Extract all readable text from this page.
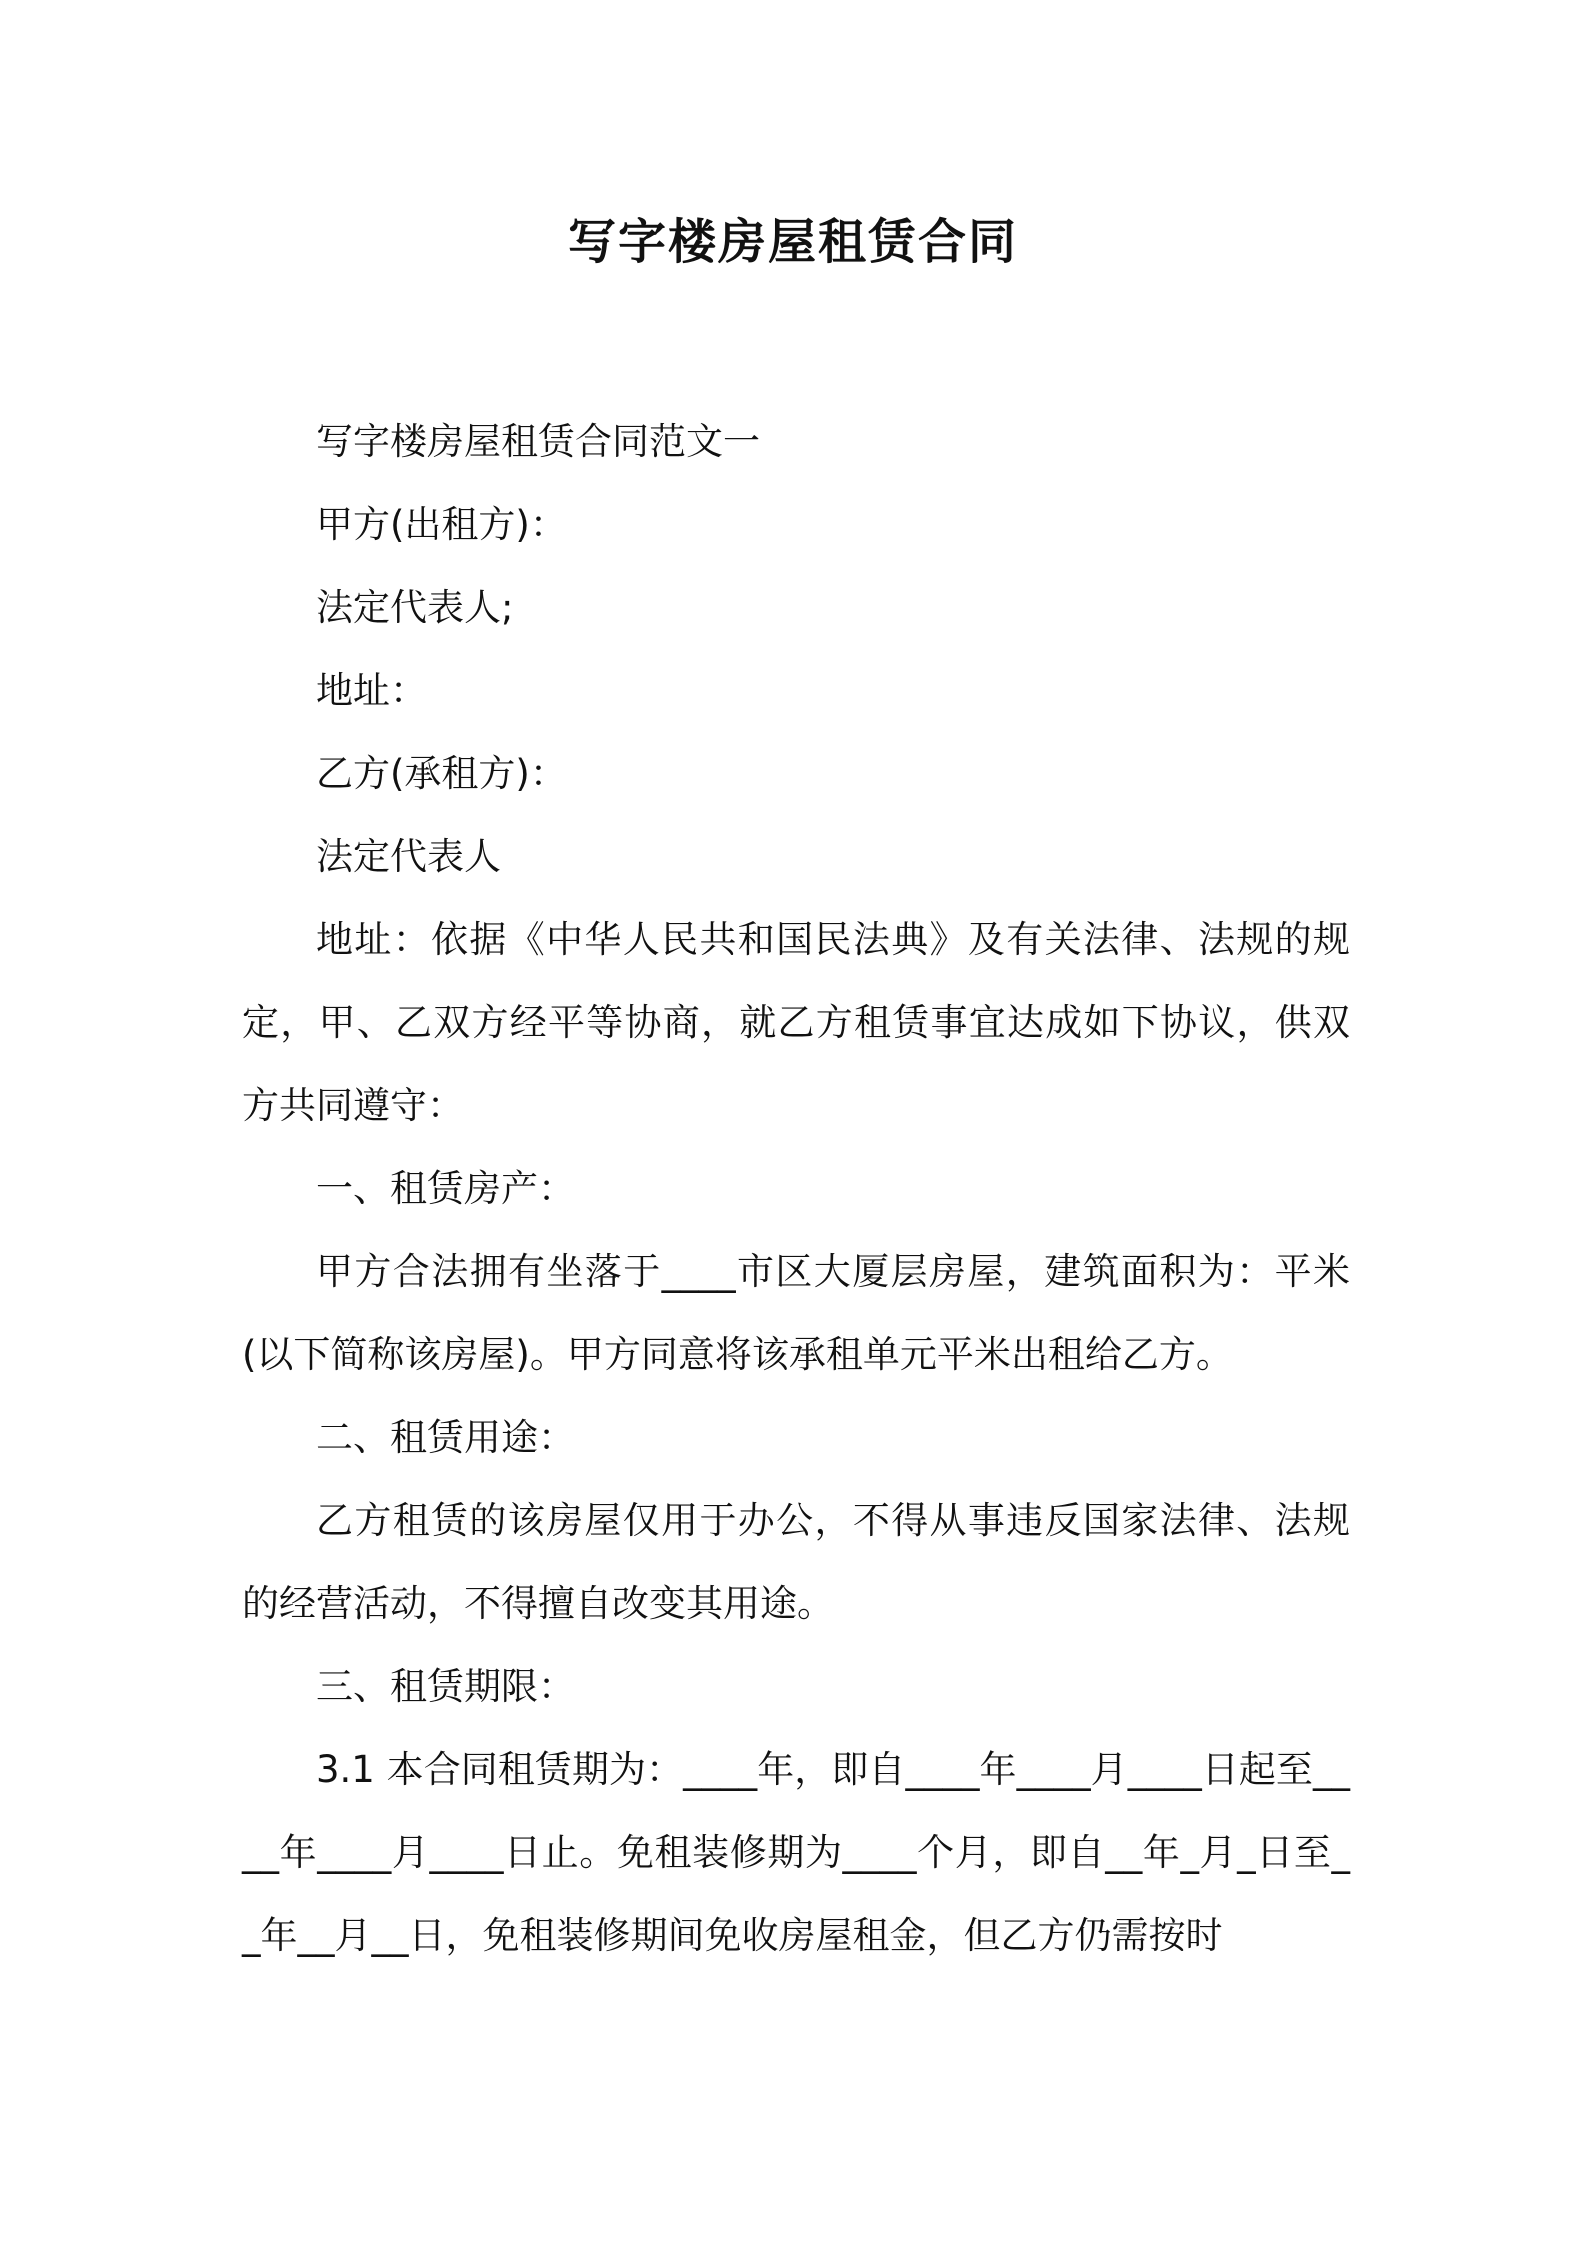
写字楼房屋租赁合同

写字楼房屋租赁合同范文一

甲方(出租方)：

法定代表人;

地址：

乙方(承租方)：

法定代表人

地址：依据《中华人民共和国民法典》及有关法律、法规的规定，甲、乙双方经平等协商，就乙方租赁事宜达成如下协议，供双方共同遵守：

一、租赁房产：

甲方合法拥有坐落于____市区大厦层房屋，建筑面积为：平米(以下简称该房屋)。甲方同意将该承租单元平米出租给乙方。

二、租赁用途：

乙方租赁的该房屋仅用于办公，不得从事违反国家法律、法规的经营活动，不得擅自改变其用途。

三、租赁期限：

3.1 本合同租赁期为：____年，即自____年____月____日起至____年____月____日止。免租装修期为____个月，即自__年_月_日至__年__月__日，免租装修期间免收房屋租金，但乙方仍需按时
